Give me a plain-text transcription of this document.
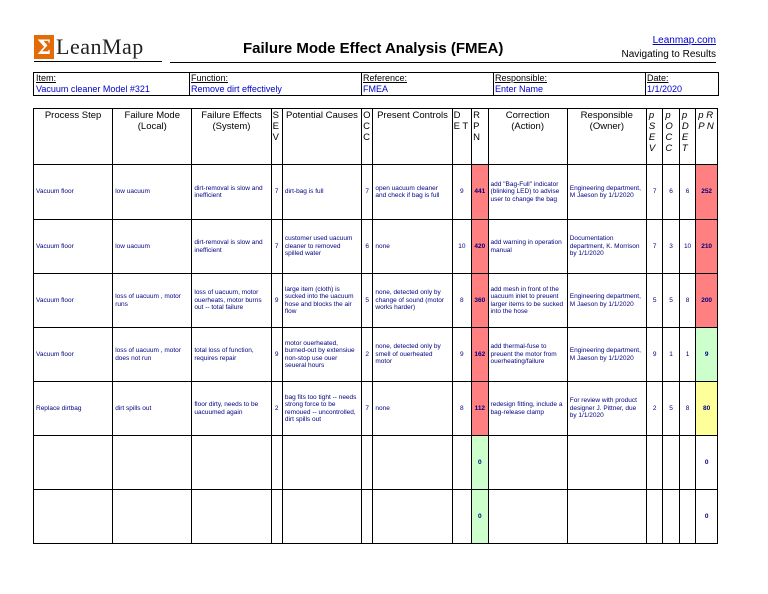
Σ LeanMap	Failure Mode Effect Analysis (FMEA)	Leanmap.com
Navigating to Results
Item:
Vacuum cleaner Model #321
Function:
Remove dirt effectively
Reference:
FMEA
Responsible:
Enter Name
Date:
1/1/2020
Process Step	Failure Mode (Local)	Failure Effects (System)	S E V	Potential Causes	O C C	Present Controls	D E T	R P N	Correction (Action)	Responsible (Owner)	p S E V	p O C C	p D E T	p R P N
Vacuum floor	low uacuum	dirt-removal is slow and inefficient	7	dirt-bag is full	7	open uacuum cleaner and check if bag is full	9	441	add "Bag-Full" indicator (blinking LED) to advise user to change the bag	Engineering department, M Jaeson by 1/1/2020	7	6	6	252
Vacuum floor	low uacuum	dirt-removal is slow and inefficient	7	customer used uacuum cleaner to removed spilled water	6	none	10	420	add warning in operation manual	Documentation department, K. Morrison by 1/1/2020	7	3	10	210
Vacuum floor	loss of uacuum , motor runs	loss of uacuum, motor ouerheats, motor burns out -- total failure	9	large item (cloth) is sucked into the uacuum hose and blocks the air flow	5	none, detected only by change of sound (motor works harder)	8	360	add mesh in front of the uacuum inlet to preuent larger items to be sucked into the hose	Engineering department, M Jaeson by 1/1/2020	5	5	8	200
Vacuum floor	loss of uacuum , motor does not run	total loss of function, requires repair	9	motor ouerheated, burned-out by extensiue non-stop use ouer seueral hours	2	none, detected only by smell of ouerheated motor	9	162	add thermal-fuse to preuent the motor from ouerheating/failure	Engineering department, M Jaeson by 1/1/2020	9	1	1	9
Replace dirtbag	dirt spills out	floor dirty, needs to be uacuumed again	2	bag fits too tight -- needs strong force to be remoued -- uncontrolled, dirt spills out	7	none	8	112	redesign fitting, include a bag-release clamp	For review with product designer J. Pittner, due by 1/1/2020	2	5	8	80
								0						0
								0						0
